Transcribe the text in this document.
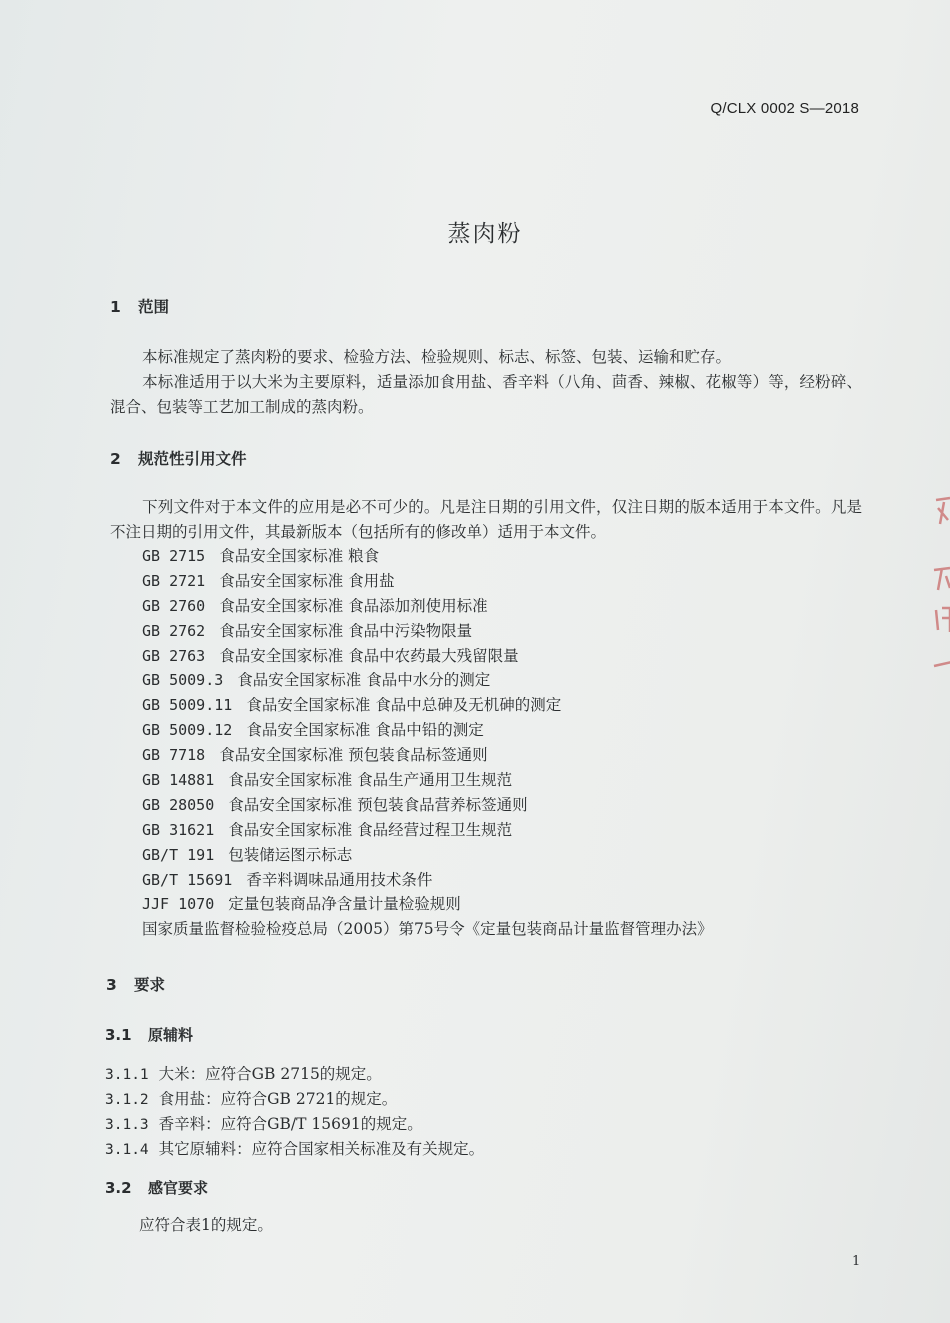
Q/CLX 0002 S—2018
蒸肉粉
1 范围
本标准规定了蒸肉粉的要求、检验方法、检验规则、标志、标签、包装、运输和贮存。
本标准适用于以大米为主要原料，适量添加食用盐、香辛料（八角、茴香、辣椒、花椒等）等，经粉碎、混合、包装等工艺加工制成的蒸肉粉。
2 规范性引用文件
下列文件对于本文件的应用是必不可少的。凡是注日期的引用文件，仅注日期的版本适用于本文件。凡是不注日期的引用文件，其最新版本（包括所有的修改单）适用于本文件。
GB 2715 食品安全国家标准 粮食
GB 2721 食品安全国家标准 食用盐
GB 2760 食品安全国家标准 食品添加剂使用标准
GB 2762 食品安全国家标准 食品中污染物限量
GB 2763 食品安全国家标准 食品中农药最大残留限量
GB 5009.3 食品安全国家标准 食品中水分的测定
GB 5009.11 食品安全国家标准 食品中总砷及无机砷的测定
GB 5009.12 食品安全国家标准 食品中铅的测定
GB 7718 食品安全国家标准 预包装食品标签通则
GB 14881 食品安全国家标准 食品生产通用卫生规范
GB 28050 食品安全国家标准 预包装食品营养标签通则
GB 31621 食品安全国家标准 食品经营过程卫生规范
GB/T 191 包装储运图示标志
GB/T 15691 香辛料调味品通用技术条件
JJF 1070 定量包装商品净含量计量检验规则
国家质量监督检验检疫总局（2005）第75号令《定量包装商品计量监督管理办法》
3 要求
3.1 原辅料
3.1.1 大米：应符合GB 2715的规定。
3.1.2 食用盐：应符合GB 2721的规定。
3.1.3 香辛料：应符合GB/T 15691的规定。
3.1.4 其它原辅料：应符合国家相关标准及有关规定。
3.2 感官要求
应符合表1的规定。
1
